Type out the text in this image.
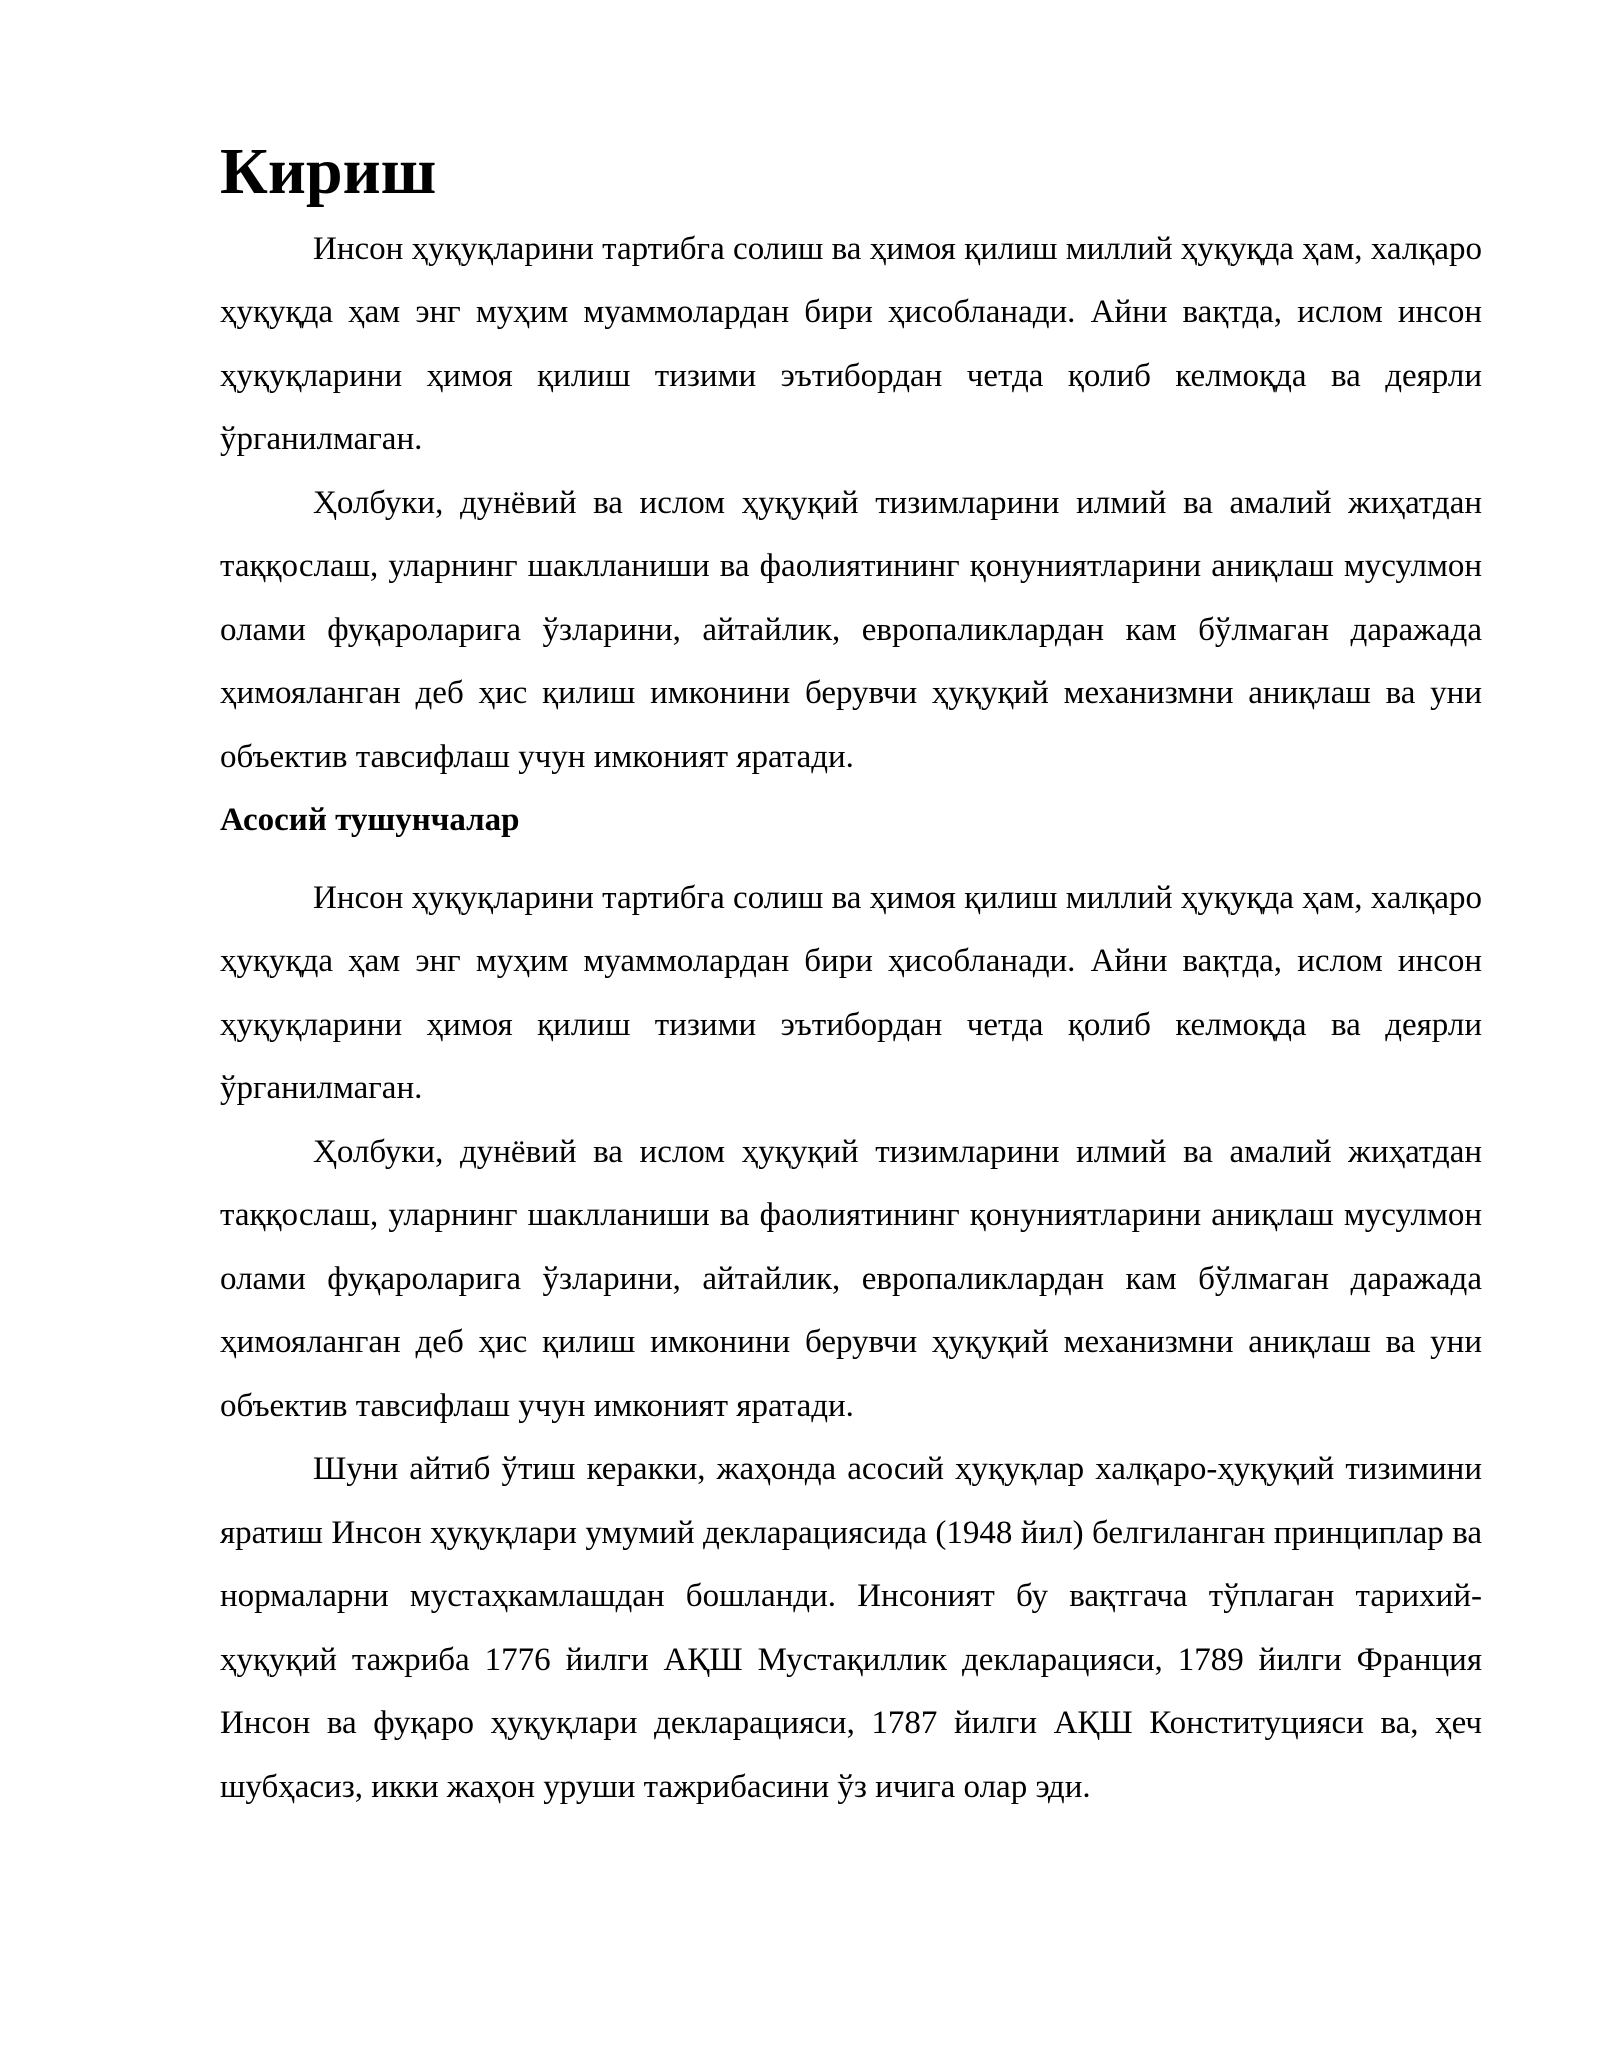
Кириш

Инсон ҳуқуқларини тартибга солиш ва ҳимоя қилиш миллий ҳуқуқда ҳам, халқаро ҳуқуқда ҳам энг муҳим муаммолардан бири ҳисобланади. Айни вақтда, ислом инсон ҳуқуқларини ҳимоя қилиш тизими эътибордан четда қолиб келмоқда ва деярли ўрганилмаган.

Ҳолбуки, дунёвий ва ислом ҳуқуқий тизимларини илмий ва амалий жиҳатдан таққослаш, уларнинг шаклланиши ва фаолиятининг қонуниятларини аниқлаш мусулмон олами фуқароларига ўзларини, айтайлик, европаликлардан кам бўлмаган даражада ҳимояланган деб ҳис қилиш имконини берувчи ҳуқуқий механизмни аниқлаш ва уни объектив тавсифлаш учун имконият яратади.

Асосий тушунчалар

Инсон ҳуқуқларини тартибга солиш ва ҳимоя қилиш миллий ҳуқуқда ҳам, халқаро ҳуқуқда ҳам энг муҳим муаммолардан бири ҳисобланади. Айни вақтда, ислом инсон ҳуқуқларини ҳимоя қилиш тизими эътибордан четда қолиб келмоқда ва деярли ўрганилмаган.

Ҳолбуки, дунёвий ва ислом ҳуқуқий тизимларини илмий ва амалий жиҳатдан таққослаш, уларнинг шаклланиши ва фаолиятининг қонуниятларини аниқлаш мусулмон олами фуқароларига ўзларини, айтайлик, европаликлардан кам бўлмаган даражада ҳимояланган деб ҳис қилиш имконини берувчи ҳуқуқий механизмни аниқлаш ва уни объектив тавсифлаш учун имконият яратади.

Шуни айтиб ўтиш керакки, жаҳонда асосий ҳуқуқлар халқаро-ҳуқуқий тизимини яратиш Инсон ҳуқуқлари умумий декларациясида (1948 йил) белгиланган принциплар ва нормаларни мустаҳкамлашдан бошланди. Инсоният бу вақтгача тўплаган тарихий-ҳуқуқий тажриба 1776 йилги АҚШ Мустақиллик декларацияси, 1789 йилги Франция Инсон ва фуқаро ҳуқуқлари декларацияси, 1787 йилги АҚШ Конституцияси ва, ҳеч шубҳасиз, икки жаҳон уруши тажрибасини ўз ичига олар эди.
